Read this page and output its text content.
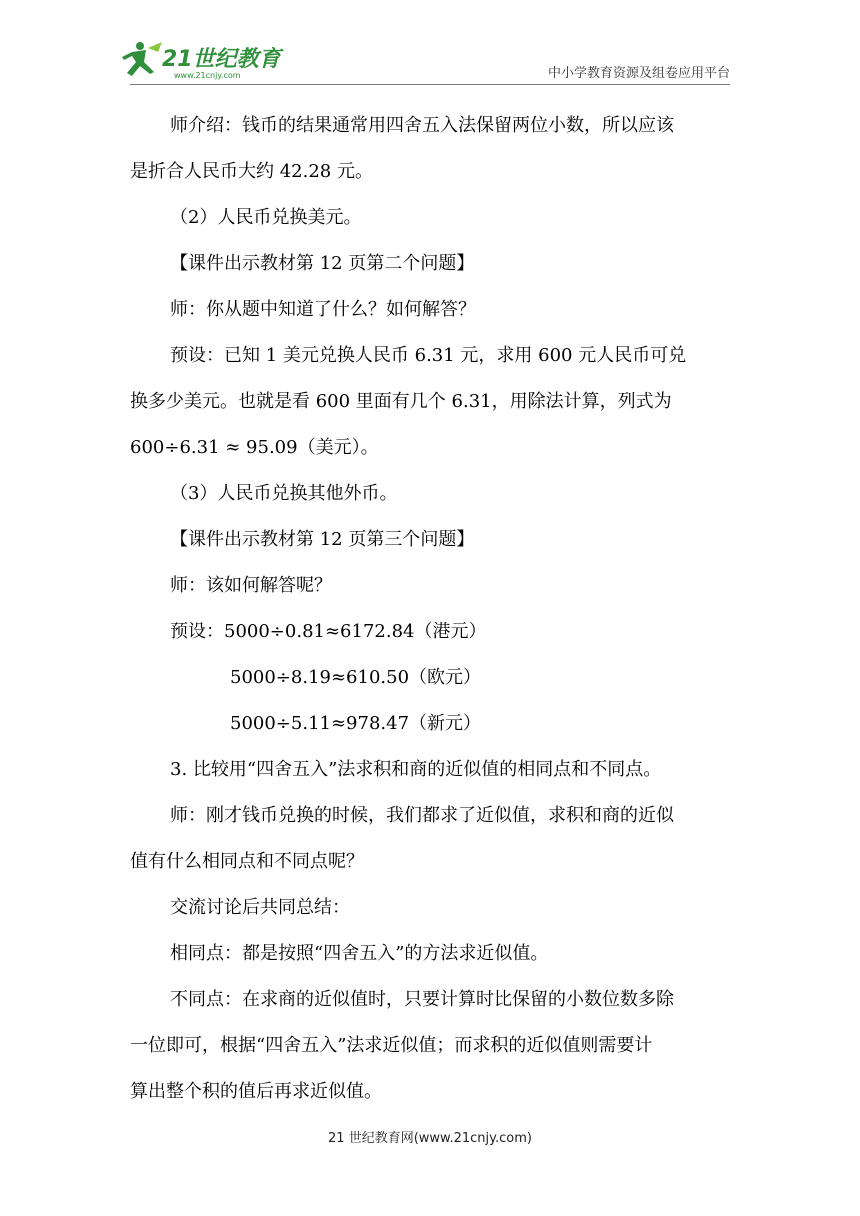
21世纪教育
www.21cnjy.com	中小学教育资源及组卷应用平台

师介绍：钱币的结果通常用四舍五入法保留两位小数，所以应该

是折合人民币大约 42.28 元。

（2）人民币兑换美元。

【课件出示教材第 12 页第二个问题】

师：你从题中知道了什么？如何解答？

预设：已知 1 美元兑换人民币 6.31 元，求用 600 元人民币可兑

换多少美元。也就是看 600 里面有几个 6.31，用除法计算，列式为

600÷6.31 ≈ 95.09（美元）。

（3）人民币兑换其他外币。

【课件出示教材第 12 页第三个问题】

师：该如何解答呢？

预设：5000÷0.81≈6172.84（港元）

5000÷8.19≈610.50（欧元）

5000÷5.11≈978.47（新元）

3. 比较用“四舍五入”法求积和商的近似值的相同点和不同点。

师：刚才钱币兑换的时候，我们都求了近似值，求积和商的近似

值有什么相同点和不同点呢？

交流讨论后共同总结：

相同点：都是按照“四舍五入”的方法求近似值。

不同点：在求商的近似值时，只要计算时比保留的小数位数多除

一位即可，根据“四舍五入”法求近似值；而求积的近似值则需要计

算出整个积的值后再求近似值。

21 世纪教育网(www.21cnjy.com)
